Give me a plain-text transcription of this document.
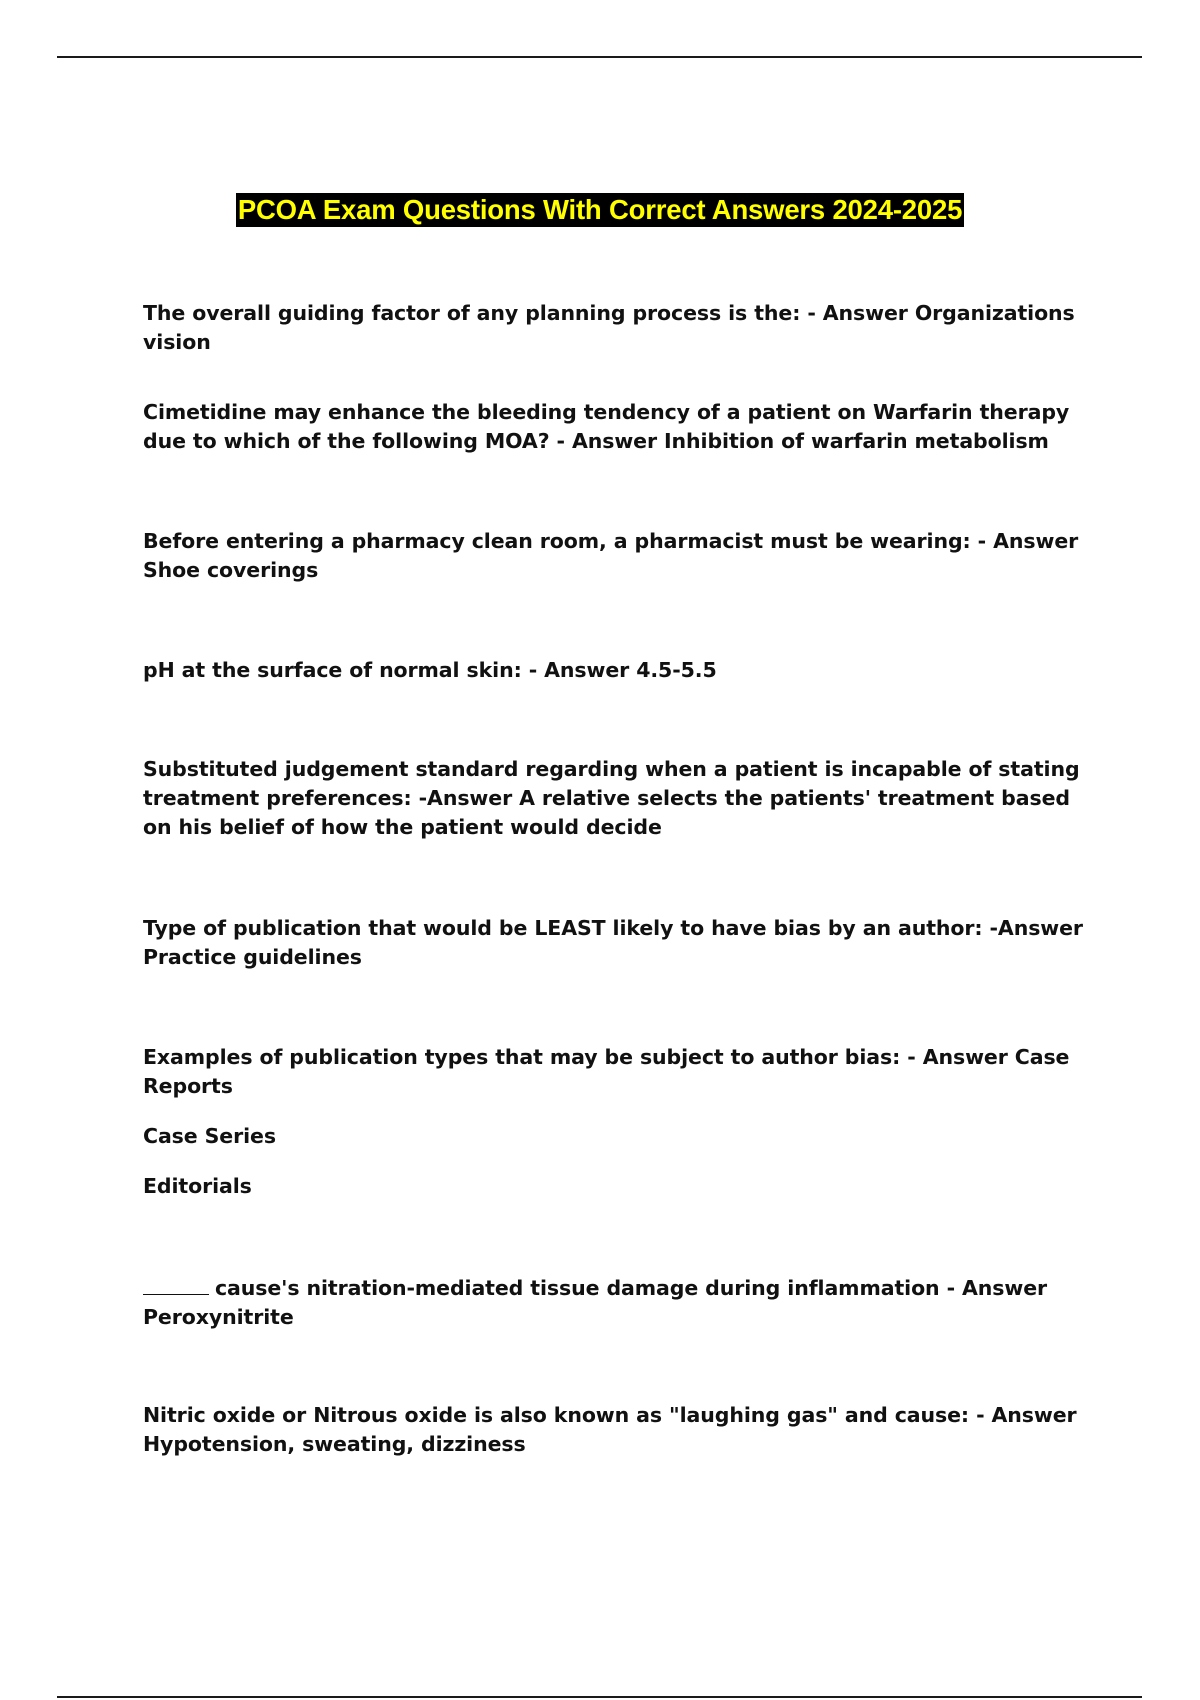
PCOA Exam Questions With Correct Answers 2024-2025

The overall guiding factor of any planning process is the: - Answer Organizations vision

Cimetidine may enhance the bleeding tendency of a patient on Warfarin therapy due to which of the following MOA? - Answer Inhibition of warfarin metabolism

Before entering a pharmacy clean room, a pharmacist must be wearing: - Answer Shoe coverings

pH at the surface of normal skin: - Answer 4.5-5.5

Substituted judgement standard regarding when a patient is incapable of stating treatment preferences: -Answer A relative selects the patients' treatment based on his belief of how the patient would decide

Type of publication that would be LEAST likely to have bias by an author: -Answer Practice guidelines

Examples of publication types that may be subject to author bias: - Answer Case Reports

Case Series

Editorials

cause's nitration-mediated tissue damage during inflammation - Answer Peroxynitrite

Nitric oxide or Nitrous oxide is also known as "laughing gas" and cause: - Answer Hypotension, sweating, dizziness
